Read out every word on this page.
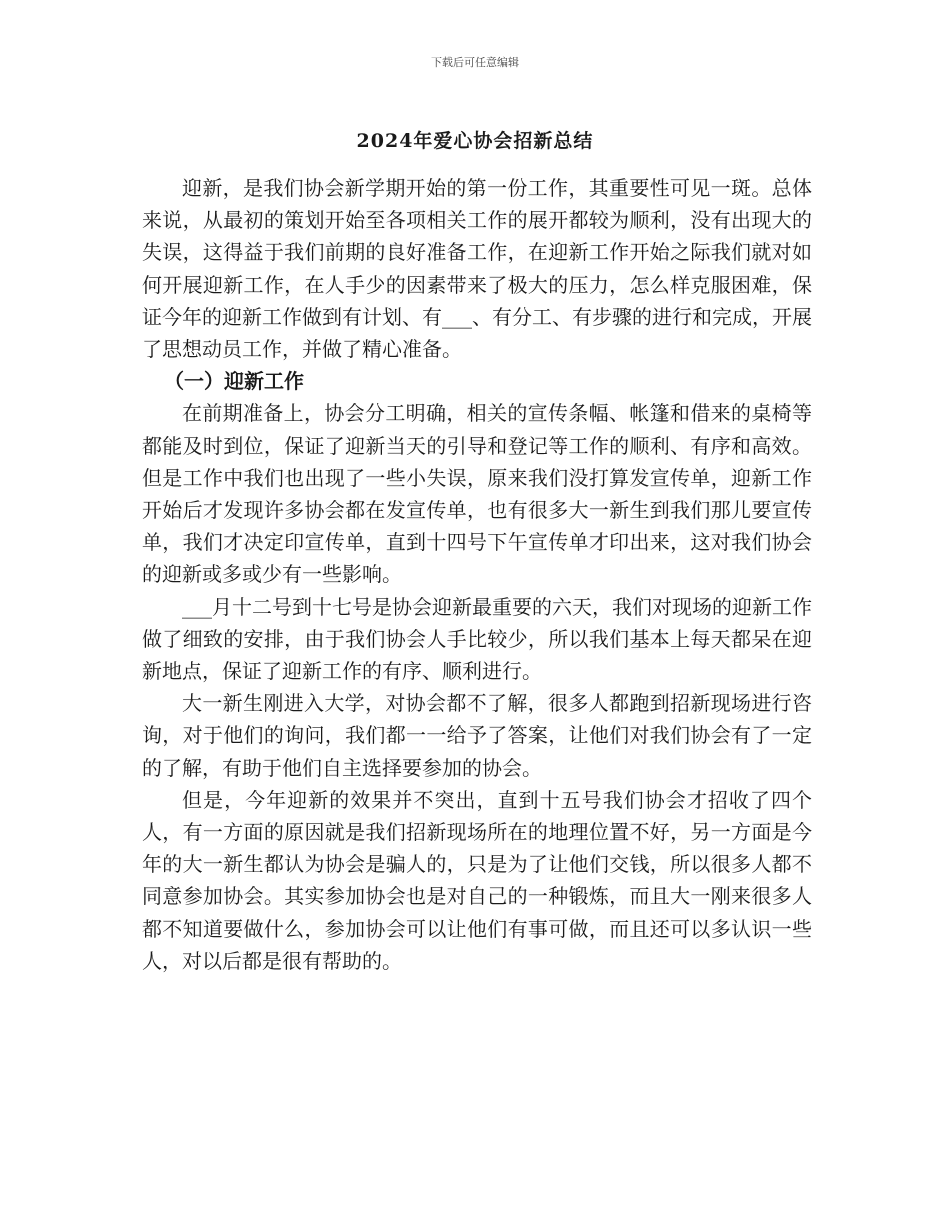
下载后可任意编辑
2024年爱心协会招新总结

迎新，是我们协会新学期开始的第一份工作，其重要性可见一斑。总体来说，从最初的策划开始至各项相关工作的展开都较为顺利，没有出现大的失误，这得益于我们前期的良好准备工作，在迎新工作开始之际我们就对如何开展迎新工作，在人手少的因素带来了极大的压力，怎么样克服困难，保证今年的迎新工作做到有计划、有___、有分工、有步骤的进行和完成，开展了思想动员工作，并做了精心准备。

（一）迎新工作

在前期准备上，协会分工明确，相关的宣传条幅、帐篷和借来的桌椅等都能及时到位，保证了迎新当天的引导和登记等工作的顺利、有序和高效。但是工作中我们也出现了一些小失误，原来我们没打算发宣传单，迎新工作开始后才发现许多协会都在发宣传单，也有很多大一新生到我们那儿要宣传单，我们才决定印宣传单，直到十四号下午宣传单才印出来，这对我们协会的迎新或多或少有一些影响。

___月十二号到十七号是协会迎新最重要的六天，我们对现场的迎新工作做了细致的安排，由于我们协会人手比较少，所以我们基本上每天都呆在迎新地点，保证了迎新工作的有序、顺利进行。

大一新生刚进入大学，对协会都不了解，很多人都跑到招新现场进行咨询，对于他们的询问，我们都一一给予了答案，让他们对我们协会有了一定的了解，有助于他们自主选择要参加的协会。

但是，今年迎新的效果并不突出，直到十五号我们协会才招收了四个人，有一方面的原因就是我们招新现场所在的地理位置不好，另一方面是今年的大一新生都认为协会是骗人的，只是为了让他们交钱，所以很多人都不同意参加协会。其实参加协会也是对自己的一种锻炼，而且大一刚来很多人都不知道要做什么，参加协会可以让他们有事可做，而且还可以多认识一些人，对以后都是很有帮助的。
